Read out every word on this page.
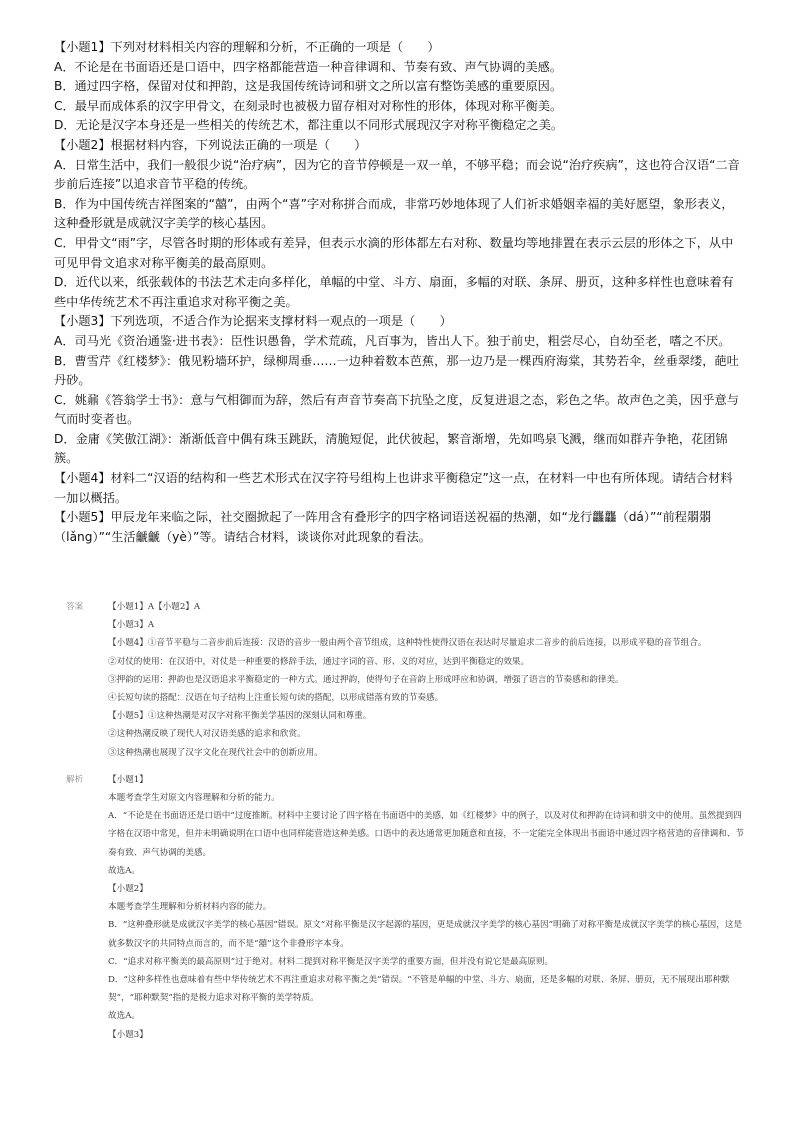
【小题1】下列对材料相关内容的理解和分析，不正确的一项是（　　）

A．不论是在书面语还是口语中，四字格都能营造一种音律调和、节奏有致、声气协调的美感。

B．通过四字格，保留对仗和押韵，这是我国传统诗词和骈文之所以富有整饬美感的重要原因。

C．最早而成体系的汉字甲骨文，在刻录时也被极力留存相对对称性的形体，体现对称平衡美。

D．无论是汉字本身还是一些相关的传统艺术，都注重以不同形式展现汉字对称平衡稳定之美。

【小题2】根据材料内容，下列说法正确的一项是（　　）

A．日常生活中，我们一般很少说“治疗病”，因为它的音节停顿是一双一单，不够平稳；而会说“治疗疾病”，这也符合汉语“二音步前后连接”以追求音节平稳的传统。

B．作为中国传统吉祥图案的“囍”，由两个“喜”字对称拼合而成，非常巧妙地体现了人们祈求婚姻幸福的美好愿望，象形表义，这种叠形就是成就汉字美学的核心基因。

C．甲骨文“雨”字，尽管各时期的形体或有差异，但表示水滴的形体都左右对称、数量均等地排置在表示云层的形体之下，从中可见甲骨文追求对称平衡美的最高原则。

D．近代以来，纸张载体的书法艺术走向多样化，单幅的中堂、斗方、扇面，多幅的对联、条屏、册页，这种多样性也意味着有些中华传统艺术不再注重追求对称平衡之美。

【小题3】下列选项，不适合作为论据来支撑材料一观点的一项是（　　）

A．司马光《资治通鉴·进书表》：臣性识愚鲁，学术荒疏，凡百事为，皆出人下。独于前史，粗尝尽心，自幼至老，嗜之不厌。

B．曹雪芹《红楼梦》：俄见粉墙环护，绿柳周垂……一边种着数本芭蕉，那一边乃是一棵西府海棠，其势若伞，丝垂翠缕，葩吐丹砂。

C．姚鼐《答翁学士书》：意与气相御而为辞，然后有声音节奏高下抗坠之度，反复进退之态，彩色之华。故声色之美，因乎意与气而时变者也。

D．金庸《笑傲江湖》：渐渐低音中偶有珠玉跳跃，清脆短促，此伏彼起，繁音渐增，先如鸣泉飞溅，继而如群卉争艳，花团锦簇。

【小题4】材料二“汉语的结构和一些艺术形式在汉字符号组构上也讲求平衡稳定”这一点，在材料一中也有所体现。请结合材料一加以概括。

【小题5】甲辰龙年来临之际，社交圈掀起了一阵用含有叠形字的四字格词语送祝福的热潮，如“龙行龘龘（dá）”“前程朤朤（lǎng）”“生活䶵䶵（yè）”等。请结合材料，谈谈你对此现象的看法。

答案	【小题1】A【小题2】A

【小题3】A

【小题4】①音节平稳与二音步前后连接：汉语的音步一般由两个音节组成，这种特性使得汉语在表达时尽量追求二音步的前后连接，以形成平稳的音节组合。

②对仗的使用：在汉语中，对仗是一种重要的修辞手法，通过字词的音、形、义的对应，达到平衡稳定的效果。

③押韵的运用：押韵也是汉语追求平衡稳定的一种方式。通过押韵，使得句子在音韵上形成呼应和协调，增强了语言的节奏感和韵律美。

④长短句读的搭配：汉语在句子结构上注重长短句读的搭配，以形成错落有致的节奏感。

【小题5】①这种热潮是对汉字对称平衡美学基因的深刻认同和尊重。

②这种热潮反映了现代人对汉语美感的追求和欣赏。

③这种热潮也展现了汉字文化在现代社会中的创新应用。

解析	【小题1】

本题考查学生对原文内容理解和分析的能力。

A．“不论是在书面语还是口语中”过度推断。材料中主要讨论了四字格在书面语中的美感，如《红楼梦》中的例子，以及对仗和押韵在诗词和骈文中的使用。虽然提到四字格在汉语中常见，但并未明确说明在口语中也同样能营造这种美感。口语中的表达通常更加随意和直接，不一定能完全体现出书面语中通过四字格营造的音律调和、节奏有致、声气协调的美感。

故选A。

【小题2】

本题考查学生理解和分析材料内容的能力。

B．“这种叠形就是成就汉字美学的核心基因”错误。原文“对称平衡是汉字起源的基因，更是成就汉字美学的核心基因”明确了对称平衡是成就汉字美学的核心基因，这是就多数汉字的共同特点而言的，而不是“囍”这个非叠形字本身。

C．“追求对称平衡美的最高原则”过于绝对。材料二提到对称平衡是汉字美学的重要方面，但并没有说它是最高原则。

D．“这种多样性也意味着有些中华传统艺术不再注重追求对称平衡之美”错误。“不管是单幅的中堂、斗方、扇面，还是多幅的对联、条屏、册页，无不展现出耶种默契”，“耶种默契”指的是极力追求对称平衡的美学特质。

故选A。

【小题3】
